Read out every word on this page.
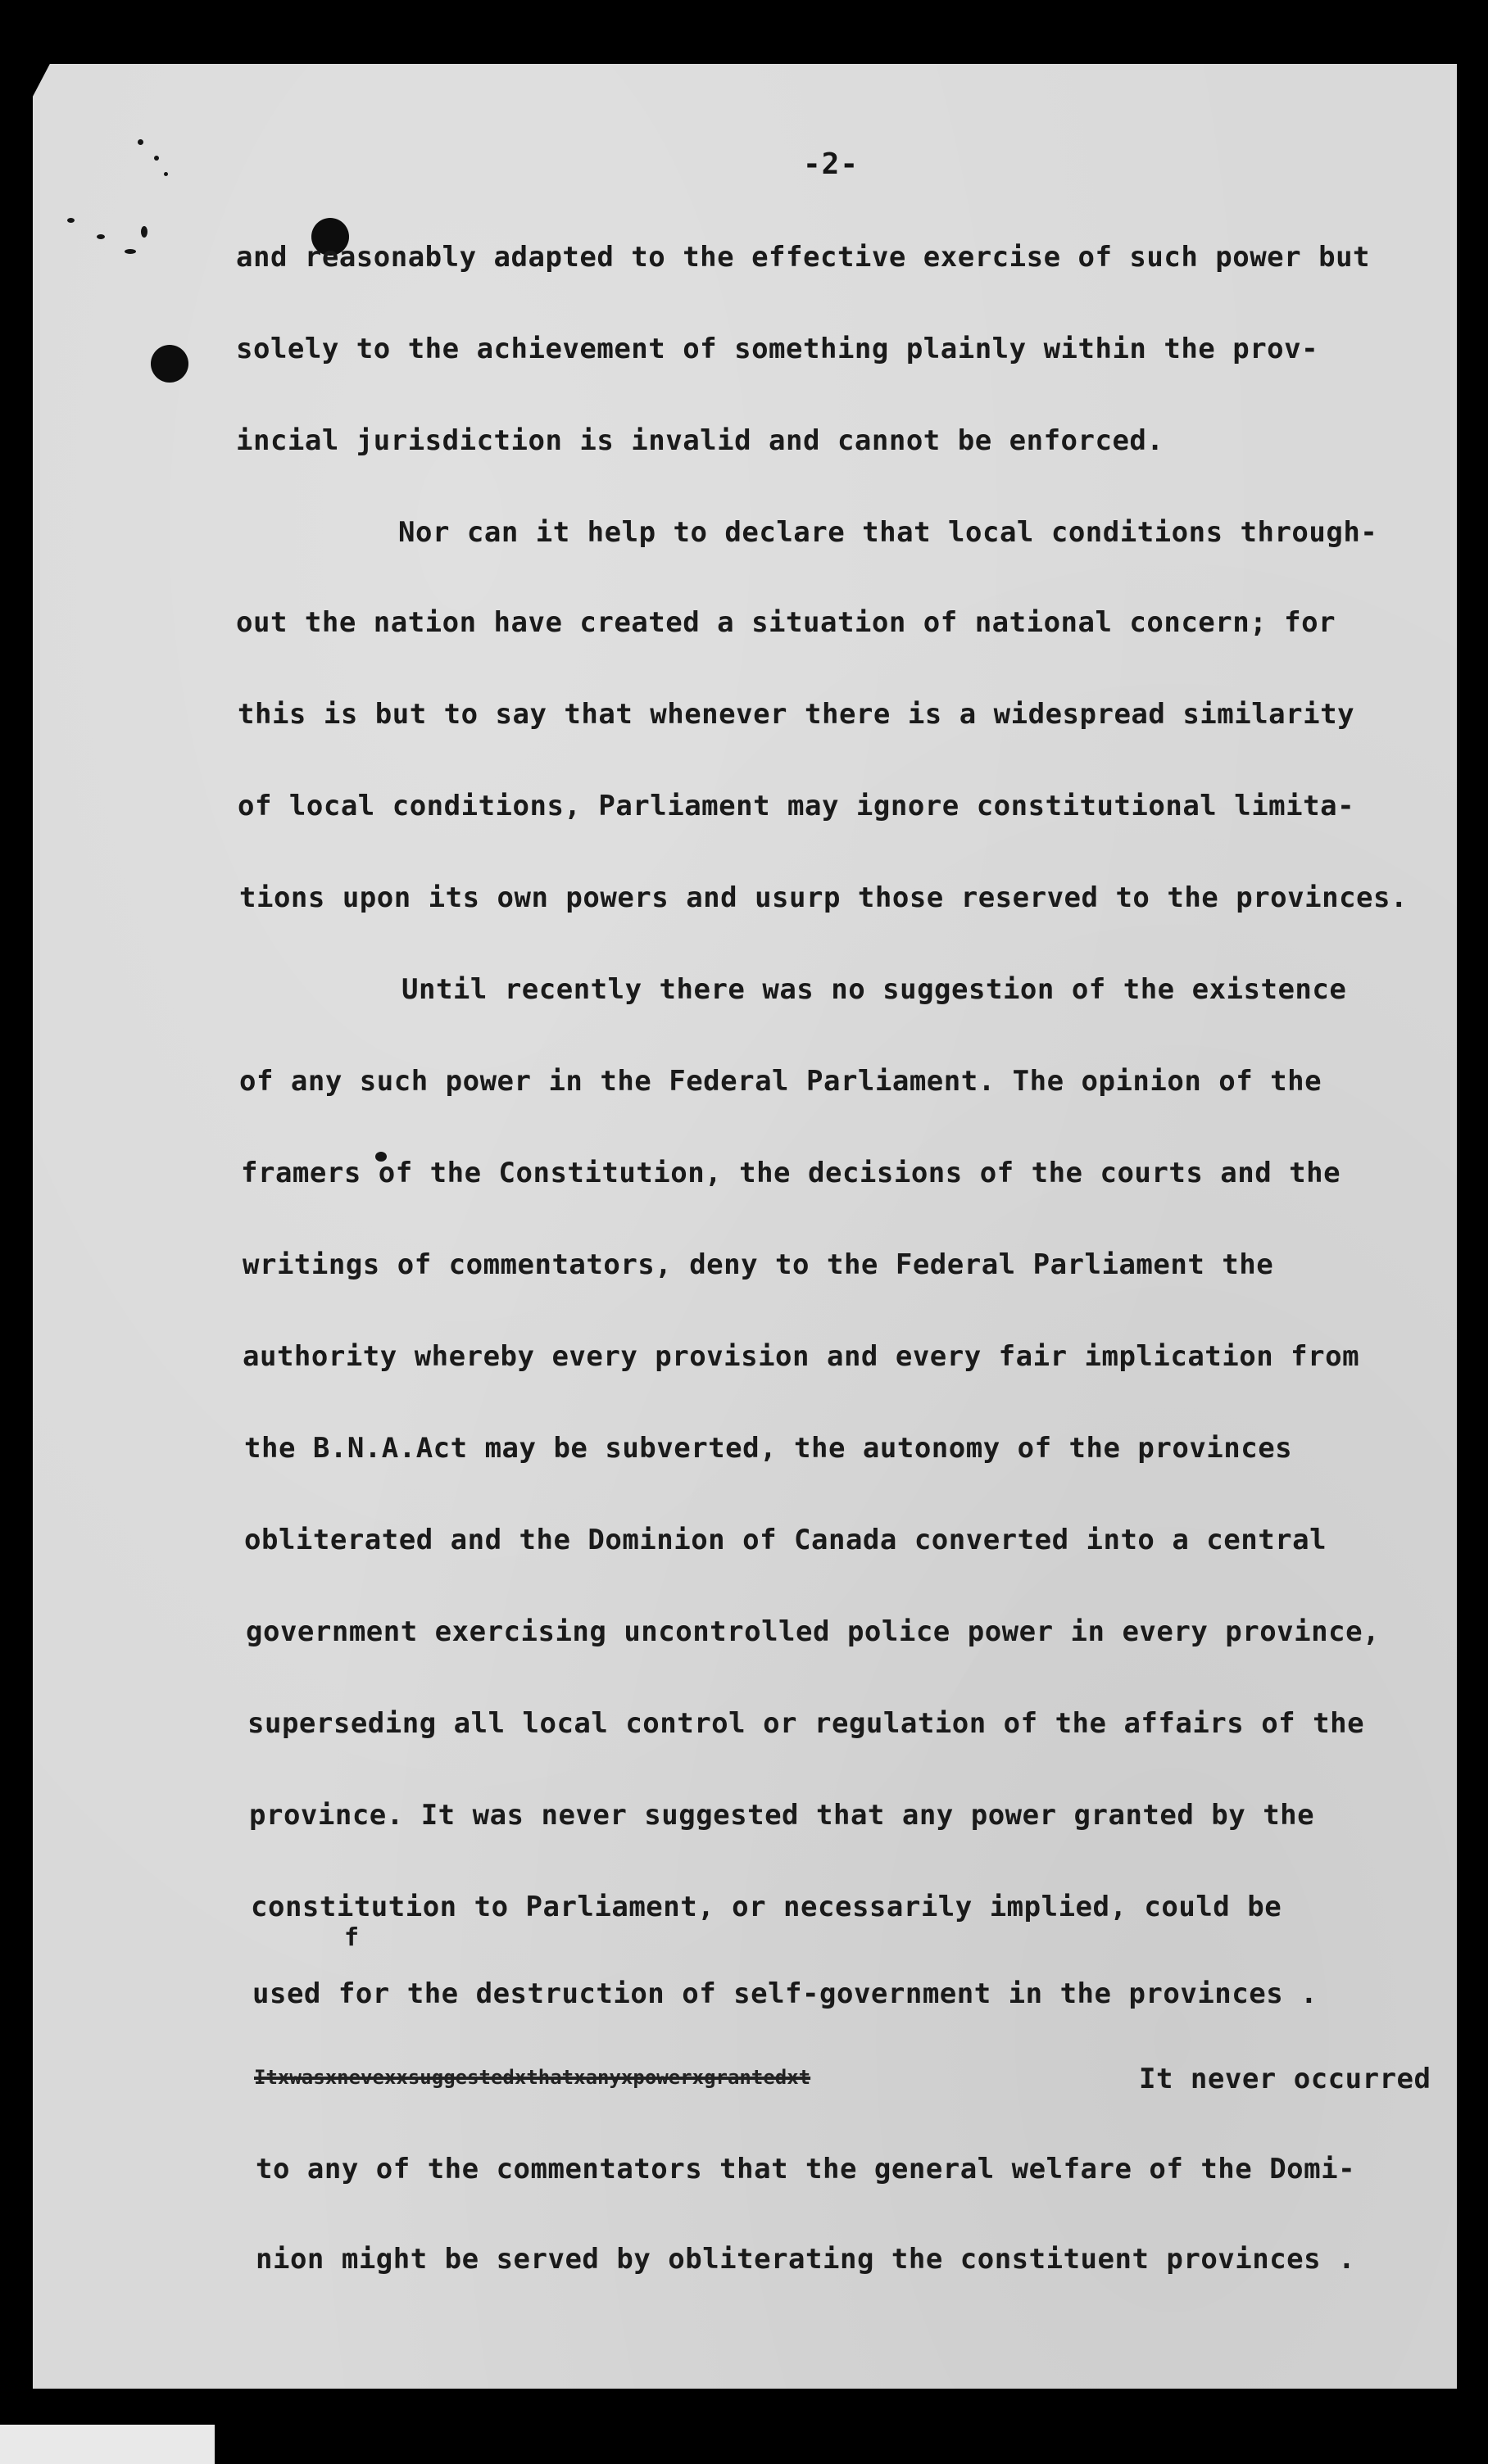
-2-
and reasonably adapted to the effective exercise of such power but
solely to the achievement of something plainly within the prov-
incial jurisdiction is invalid and cannot be enforced.
Nor can it help to declare that local conditions through-
out the nation have created a situation of national concern; for
this is but to say that whenever there is a widespread similarity
of local conditions, Parliament may ignore constitutional limita-
tions upon its own powers and usurp those reserved to the provinces.
Until recently there was no suggestion of the existence
of any such power in the Federal Parliament. The opinion of the
framers of the Constitution, the decisions of the courts and the
writings of commentators, deny to the Federal Parliament the
authority whereby every provision and every fair implication from
the B.N.A.Act may be subverted, the autonomy of the provinces
obliterated and the Dominion of Canada converted into a central
government exercising uncontrolled police power in every province,
superseding all local control or regulation of the affairs of the
province. It was never suggested that any power granted by the
constitution to Parliament, or necessarily implied, could be
f
used for the destruction of self-government in the provinces .
Itxwasxnevexxsuggestedxthatxanyxpowerxgrantedxt	It never occurred
to any of the commentators that the general welfare of the Domi-
nion might be served by obliterating the constituent provinces .
